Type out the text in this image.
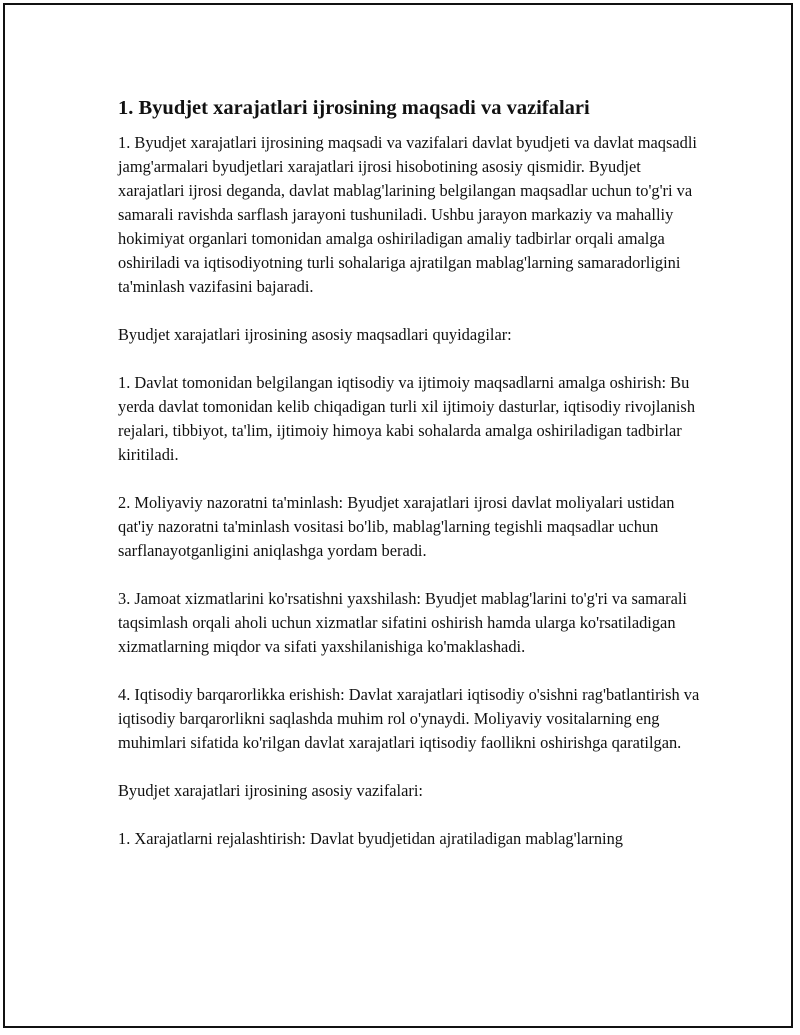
1. Byudjet xarajatlari ijrosining maqsadi va vazifalari

1. Byudjet xarajatlari ijrosining maqsadi va vazifalari davlat byudjeti va davlat maqsadli jamg'armalari byudjetlari xarajatlari ijrosi hisobotining asosiy qismidir. Byudjet xarajatlari ijrosi deganda, davlat mablag'larining belgilangan maqsadlar uchun to'g'ri va samarali ravishda sarflash jarayoni tushuniladi. Ushbu jarayon markaziy va mahalliy hokimiyat organlari tomonidan amalga oshiriladigan amaliy tadbirlar orqali amalga oshiriladi va iqtisodiyotning turli sohalariga ajratilgan mablag'larning samaradorligini ta'minlash vazifasini bajaradi.

Byudjet xarajatlari ijrosining asosiy maqsadlari quyidagilar:

1. Davlat tomonidan belgilangan iqtisodiy va ijtimoiy maqsadlarni amalga oshirish: Bu yerda davlat tomonidan kelib chiqadigan turli xil ijtimoiy dasturlar, iqtisodiy rivojlanish rejalari, tibbiyot, ta'lim, ijtimoiy himoya kabi sohalarda amalga oshiriladigan tadbirlar kiritiladi.

2. Moliyaviy nazoratni ta'minlash: Byudjet xarajatlari ijrosi davlat moliyalari ustidan qat'iy nazoratni ta'minlash vositasi bo'lib, mablag'larning tegishli maqsadlar uchun sarflanayotganligini aniqlashga yordam beradi.

3. Jamoat xizmatlarini ko'rsatishni yaxshilash: Byudjet mablag'larini to'g'ri va samarali taqsimlash orqali aholi uchun xizmatlar sifatini oshirish hamda ularga ko'rsatiladigan xizmatlarning miqdor va sifati yaxshilanishiga ko'maklashadi.

4. Iqtisodiy barqarorlikka erishish: Davlat xarajatlari iqtisodiy o'sishni rag'batlantirish va iqtisodiy barqarorlikni saqlashda muhim rol o'ynaydi. Moliyaviy vositalarning eng muhimlari sifatida ko'rilgan davlat xarajatlari iqtisodiy faollikni oshirishga qaratilgan.

Byudjet xarajatlari ijrosining asosiy vazifalari:

1. Xarajatlarni rejalashtirish: Davlat byudjetidan ajratiladigan mablag'larning
